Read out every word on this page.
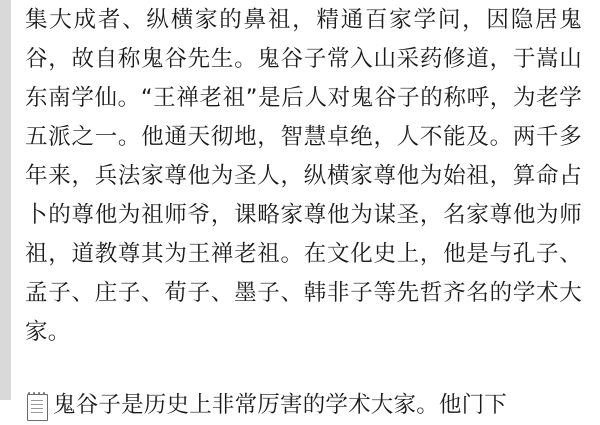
集大成者、纵横家的鼻祖，精通百家学问，因隐居鬼谷，故自称鬼谷先生。鬼谷子常入山采药修道，于嵩山东南学仙。“王禅老祖”是后人对鬼谷子的称呼，为老学五派之一。他通天彻地，智慧卓绝，人不能及。两千多年来，兵法家尊他为圣人，纵横家尊他为始祖，算命占卜的尊他为祖师爷，课略家尊他为谋圣，名家尊他为师祖，道教尊其为王禅老祖。在文化史上，他是与孔子、孟子、庄子、荀子、墨子、韩非子等先哲齐名的学术大家。

鬼谷子是历史上非常厉害的学术大家。他门下
